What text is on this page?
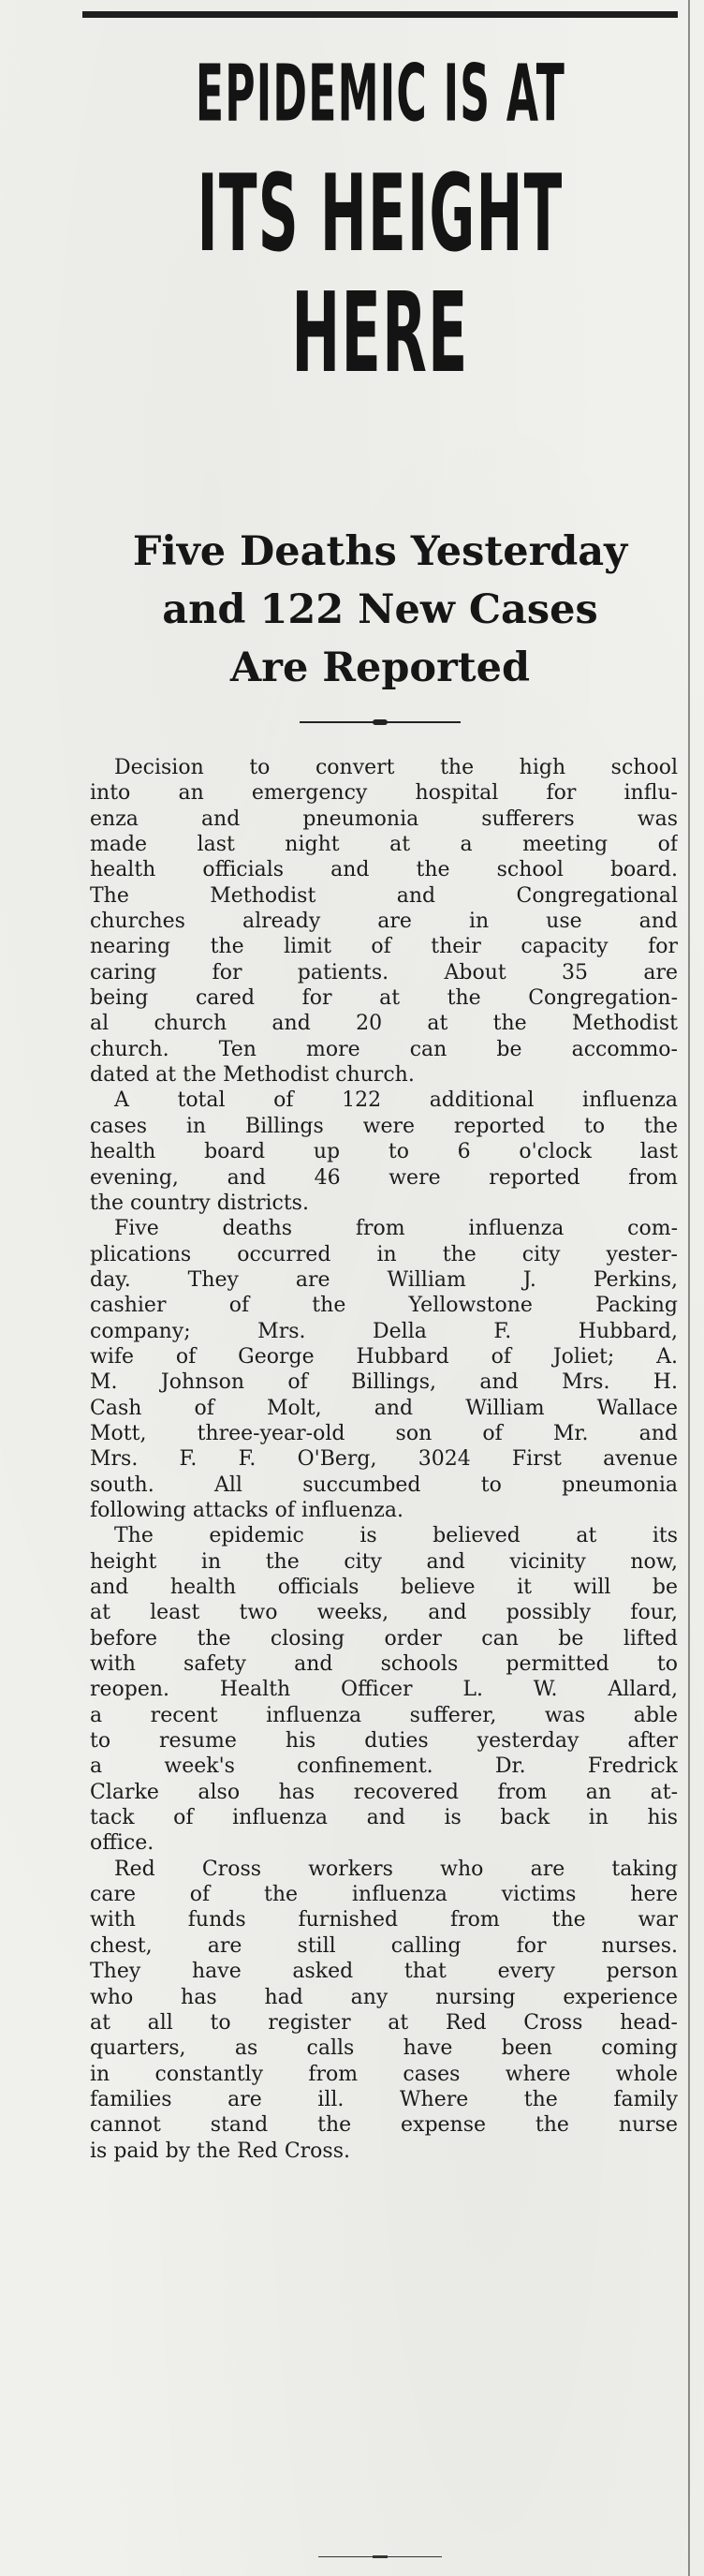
EPIDEMIC IS AT
ITS HEIGHT
HERE
Five Deaths Yesterday
and 122 New Cases
Are Reported
Decision to convert the high school
into an emergency hospital for influ-
enza and pneumonia sufferers was
made last night at a meeting of
health officials and the school board.
The Methodist and Congregational
churches already are in use and
nearing the limit of their capacity for
caring for patients. About 35 are
being cared for at the Congregation-
al church and 20 at the Methodist
church. Ten more can be accommo-
dated at the Methodist church.
A total of 122 additional influenza
cases in Billings were reported to the
health board up to 6 o'clock last
evening, and 46 were reported from
the country districts.
Five deaths from influenza com-
plications occurred in the city yester-
day. They are William J. Perkins,
cashier of the Yellowstone Packing
company; Mrs. Della F. Hubbard,
wife of George Hubbard of Joliet; A.
M. Johnson of Billings, and Mrs. H.
Cash of Molt, and William Wallace
Mott, three-year-old son of Mr. and
Mrs. F. F. O'Berg, 3024 First avenue
south. All succumbed to pneumonia
following attacks of influenza.
The epidemic is believed at its
height in the city and vicinity now,
and health officials believe it will be
at least two weeks, and possibly four,
before the closing order can be lifted
with safety and schools permitted to
reopen. Health Officer L. W. Allard,
a recent influenza sufferer, was able
to resume his duties yesterday after
a week's confinement. Dr. Fredrick
Clarke also has recovered from an at-
tack of influenza and is back in his
office.
Red Cross workers who are taking
care of the influenza victims here
with funds furnished from the war
chest, are still calling for nurses.
They have asked that every person
who has had any nursing experience
at all to register at Red Cross head-
quarters, as calls have been coming
in constantly from cases where whole
families are ill. Where the family
cannot stand the expense the nurse
is paid by the Red Cross.
